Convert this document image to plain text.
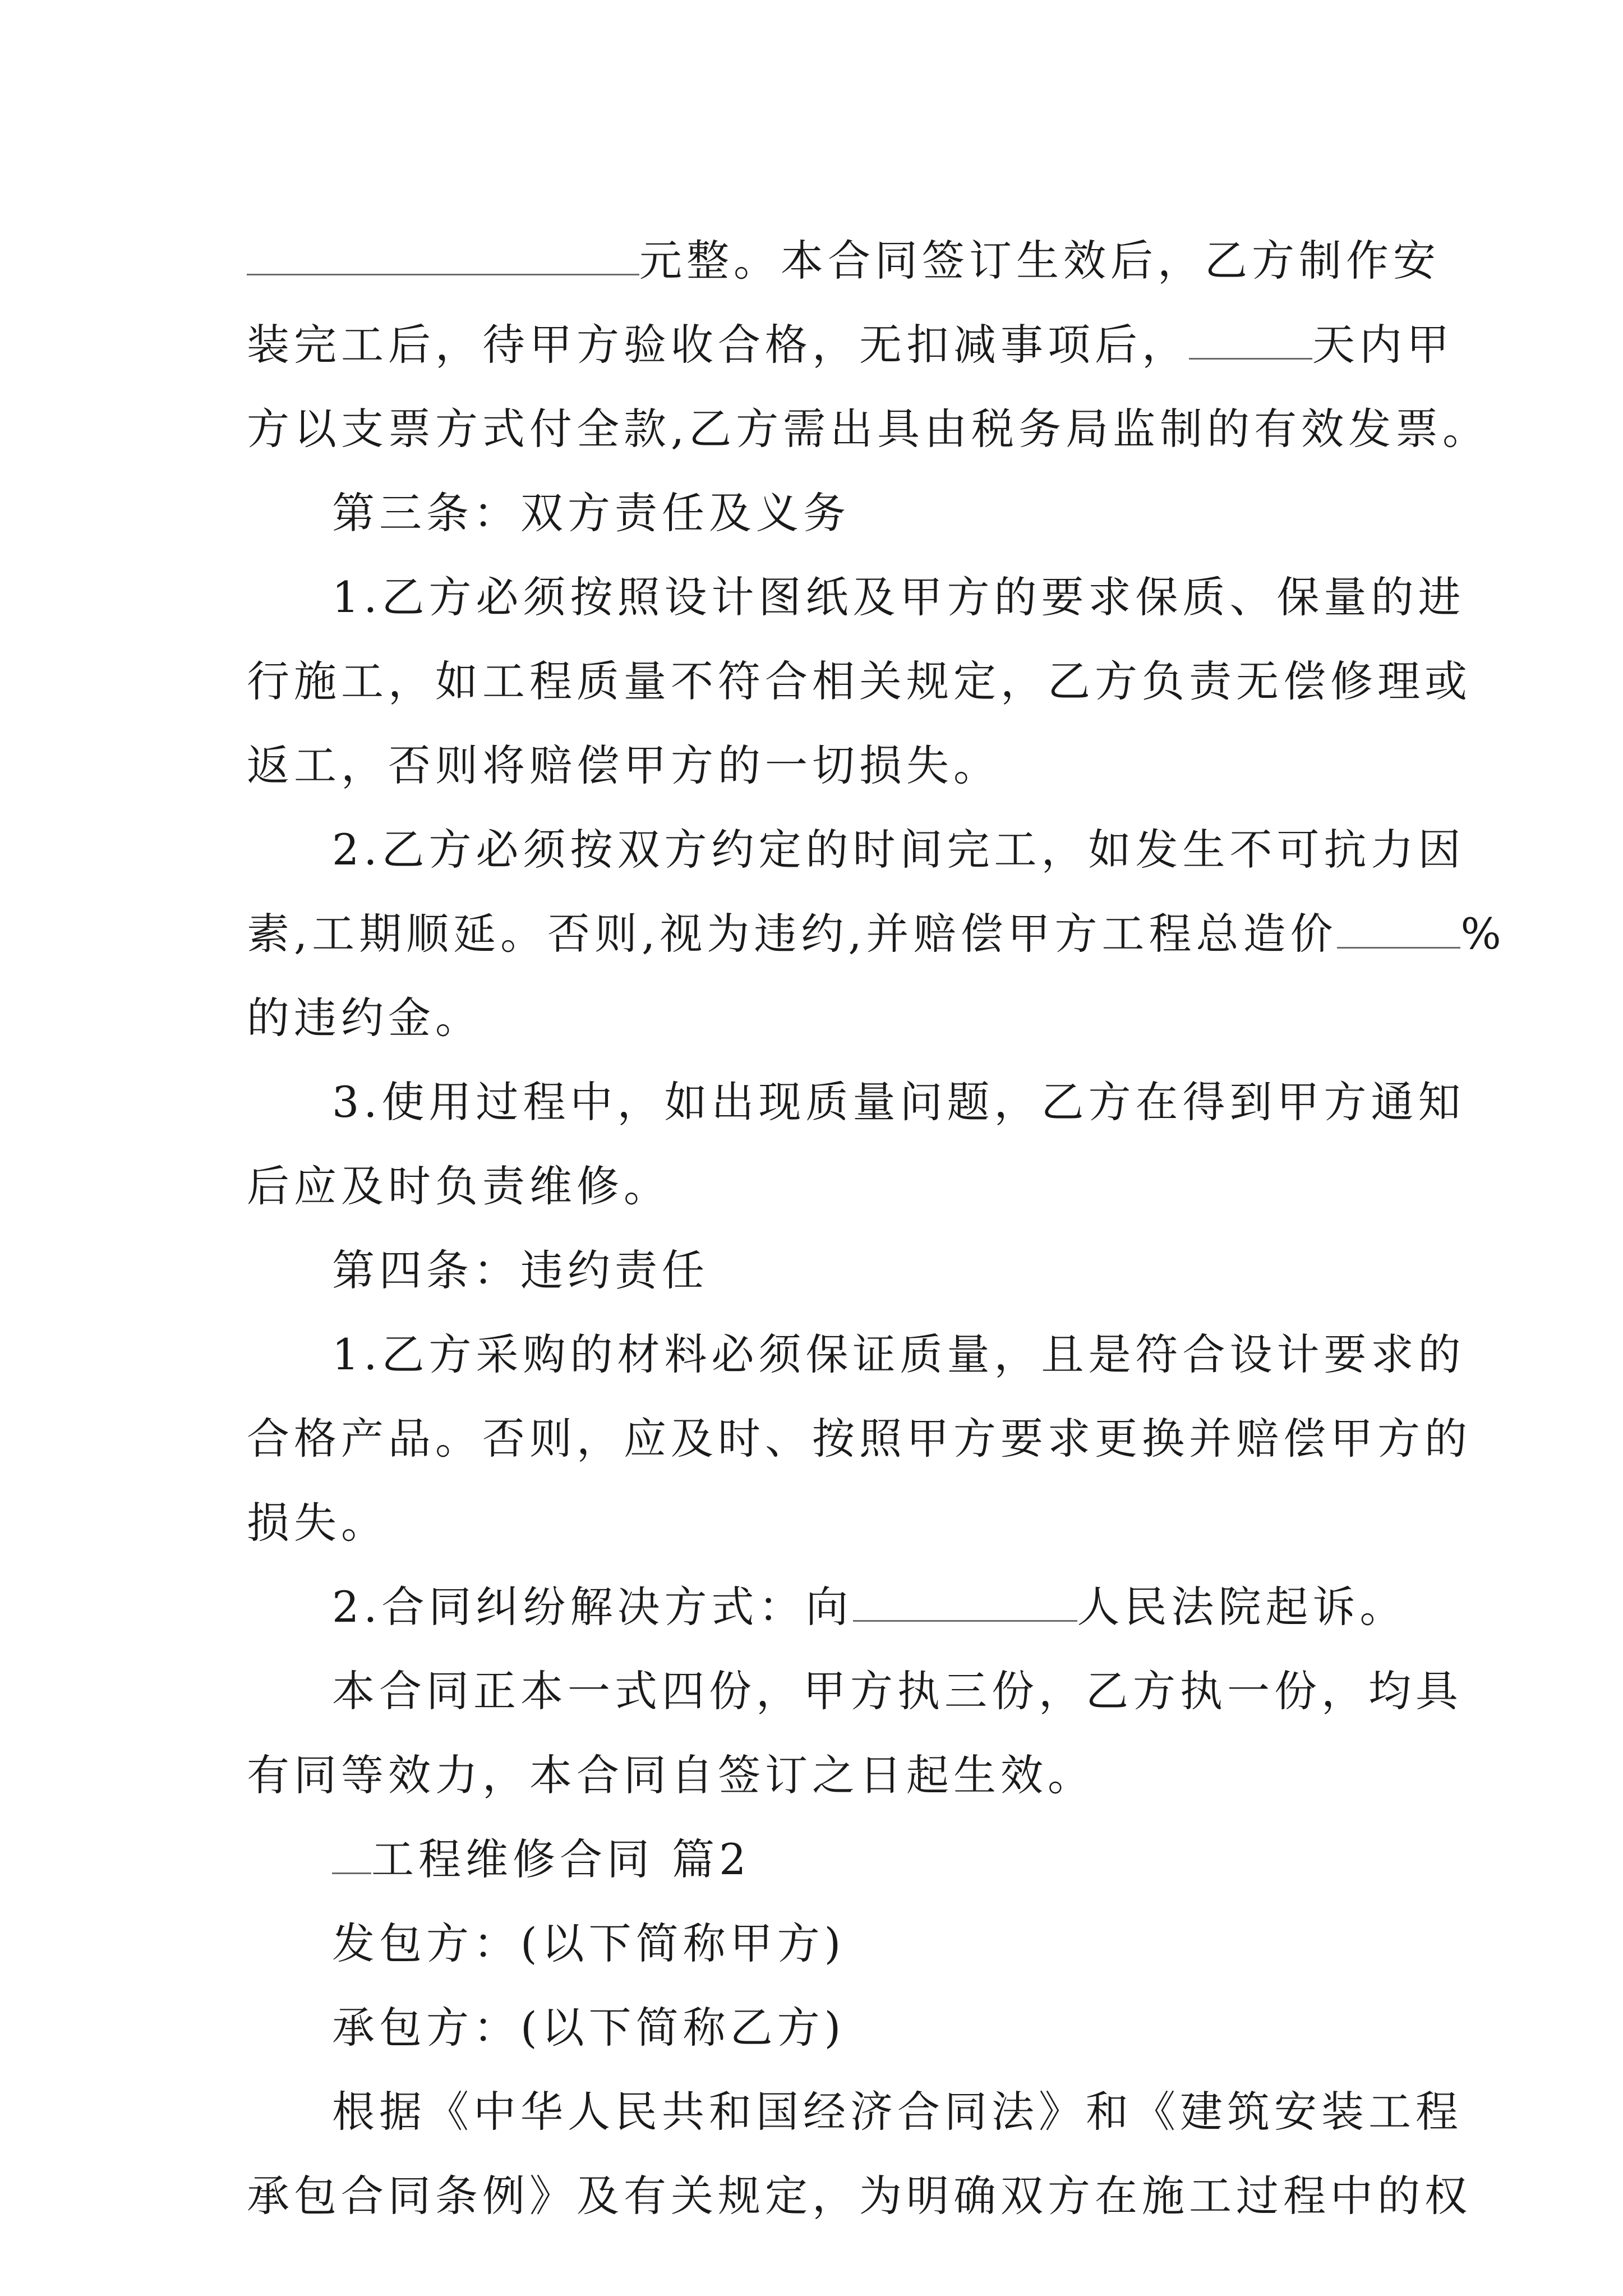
元整。本合同签订生效后，乙方制作安

装完工后，待甲方验收合格，无扣减事项后，	天内甲

方以支票方式付全款,乙方需出具由税务局监制的有效发票。

第三条：双方责任及义务

1.乙方必须按照设计图纸及甲方的要求保质、保量的进

行施工，如工程质量不符合相关规定，乙方负责无偿修理或

返工，否则将赔偿甲方的一切损失。

2.乙方必须按双方约定的时间完工，如发生不可抗力因

素,工期顺延。否则,视为违约,并赔偿甲方工程总造价	%

的违约金。

3.使用过程中，如出现质量问题，乙方在得到甲方通知

后应及时负责维修。

第四条：违约责任

1.乙方采购的材料必须保证质量，且是符合设计要求的

合格产品。否则，应及时、按照甲方要求更换并赔偿甲方的

损失。

2.合同纠纷解决方式：向	人民法院起诉。

本合同正本一式四份，甲方执三份，乙方执一份，均具

有同等效力，本合同自签订之日起生效。

工程维修合同 篇2

发包方：(以下简称甲方)

承包方：(以下简称乙方)

根据《中华人民共和国经济合同法》和《建筑安装工程

承包合同条例》及有关规定，为明确双方在施工过程中的权
